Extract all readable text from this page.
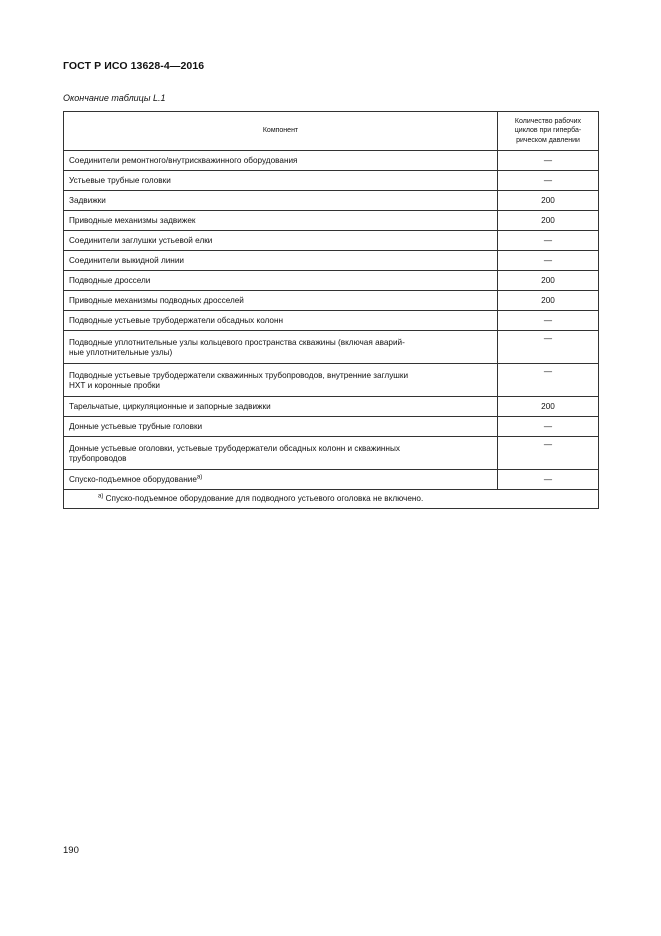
ГОСТ Р ИСО 13628-4—2016
Окончание таблицы L.1
Компонент	Количество рабочих
циклов при гиперба-
рическом давлении
Соединители ремонтного/внутрискважинного оборудования	—
Устьевые трубные головки	—
Задвижки	200
Приводные механизмы задвижек	200
Соединители заглушки устьевой елки	—
Соединители выкидной линии	—
Подводные дроссели	200
Приводные механизмы подводных дросселей	200
Подводные устьевые трубодержатели обсадных колонн	—
Подводные уплотнительные узлы кольцевого пространства скважины (включая аварий-
ные уплотнительные узлы)	—
Подводные устьевые трубодержатели скважинных трубопроводов, внутренние заглушки
НХТ и коронные пробки	—
Тарельчатые, циркуляционные и запорные задвижки	200
Донные устьевые трубные головки	—
Донные устьевые оголовки, устьевые трубодержатели обсадных колонн и скважинных
трубопроводов	—
Спуско-подъемное оборудование$^{a)}$	—
$^{a)}$ Спуско-подъемное оборудование для подводного устьевого оголовка не включено.	
190
